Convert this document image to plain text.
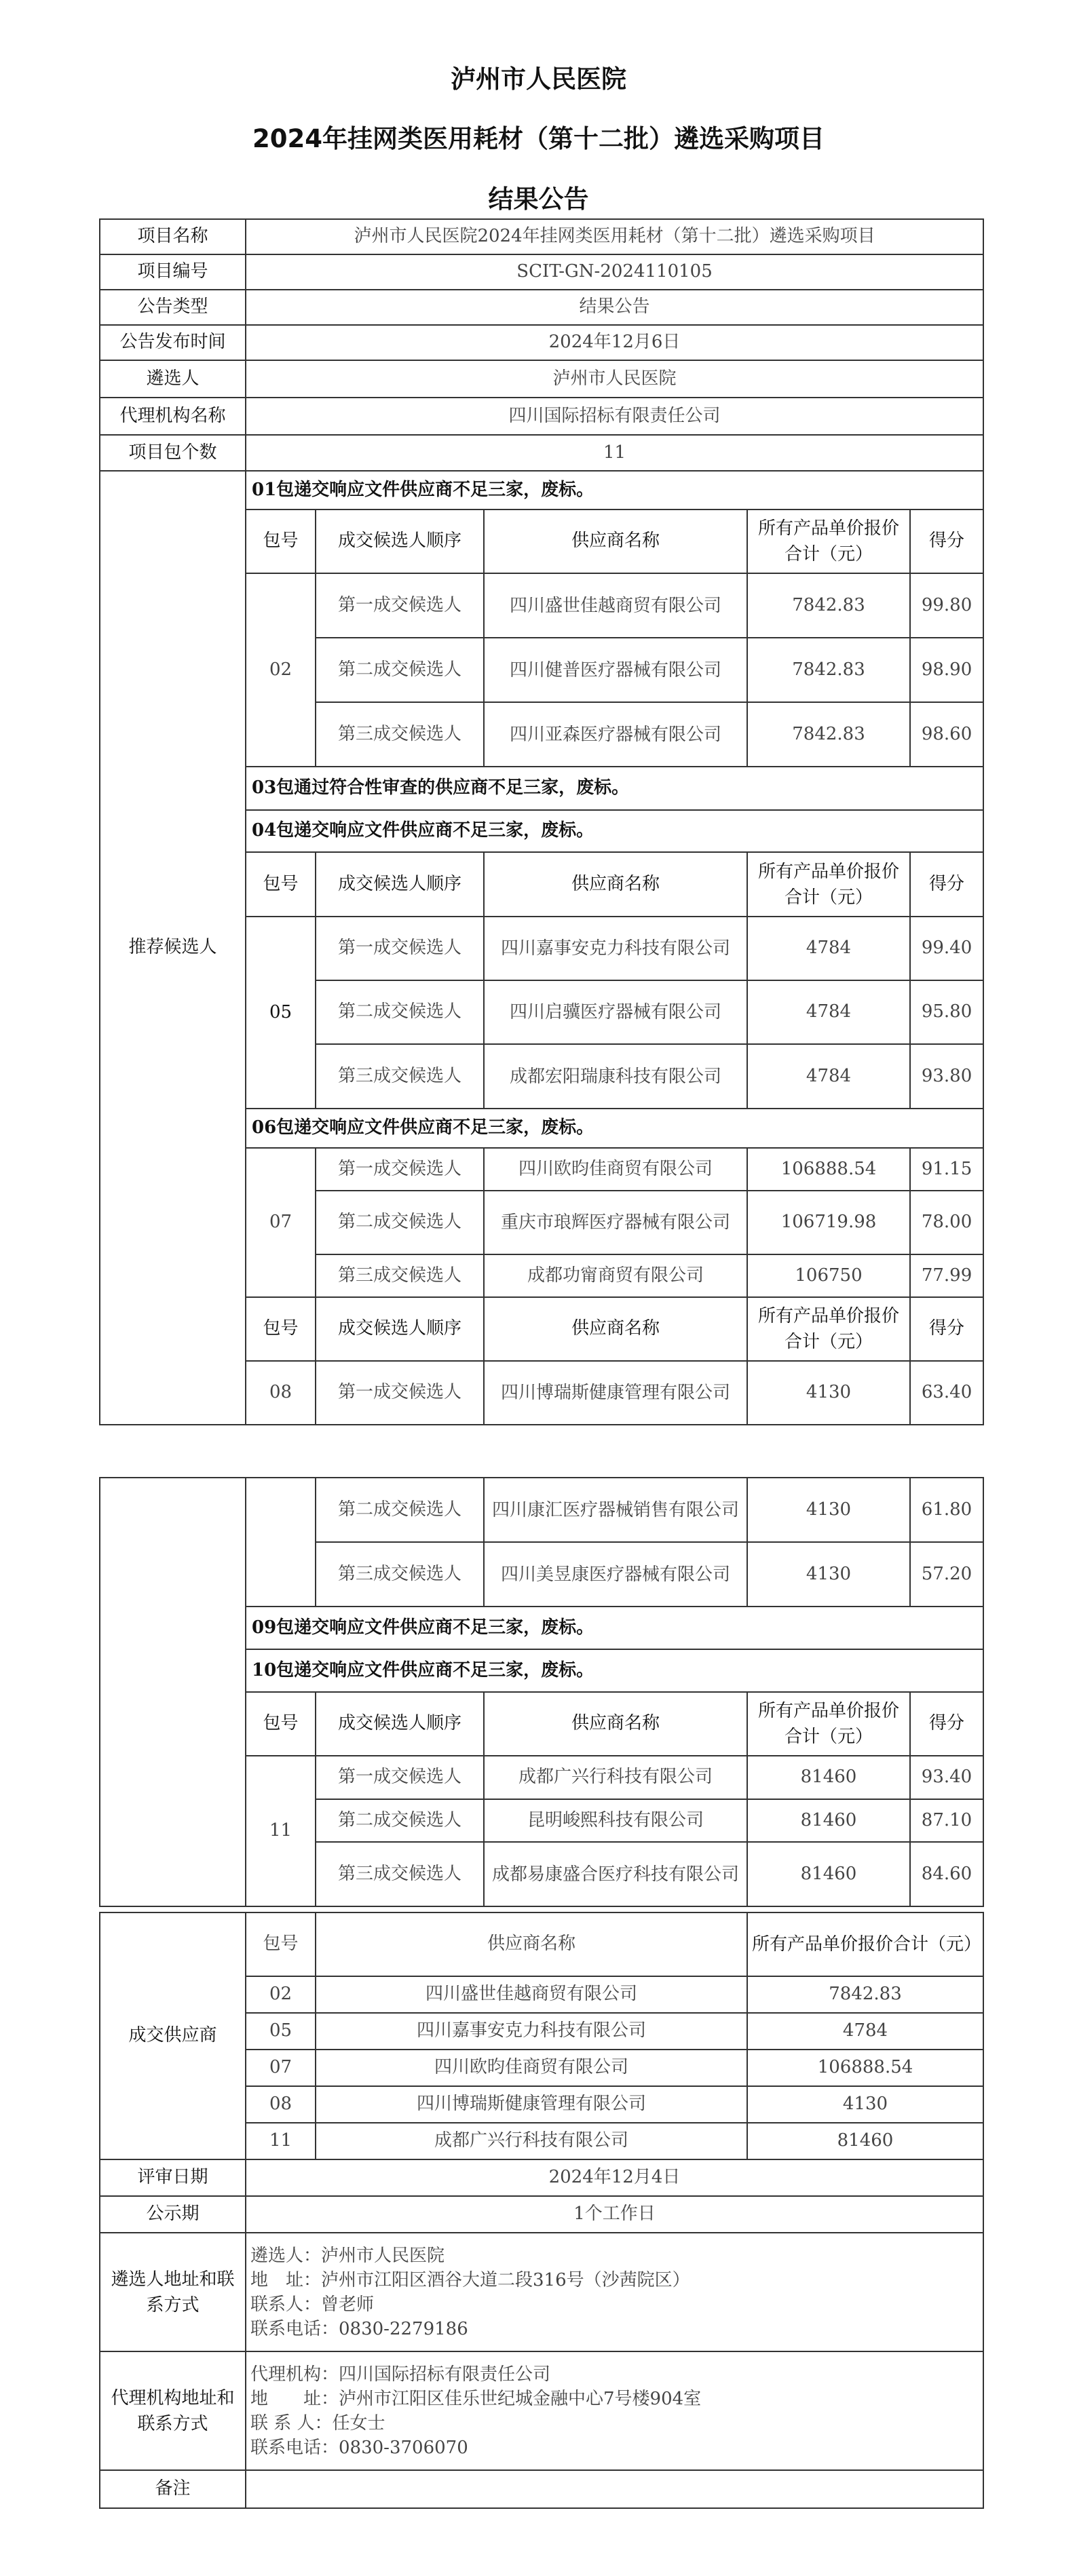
泸州市人民医院
2024年挂网类医用耗材（第十二批）遴选采购项目
结果公告
项目名称	泸州市人民医院2024年挂网类医用耗材（第十二批）遴选采购项目				
项目编号	SCIT-GN-2024110105				
公告类型	结果公告				
公告发布时间	2024年12月6日				
遴选人	泸州市人民医院				
代理机构名称	四川国际招标有限责任公司				
项目包个数	11				
推荐候选人	01包递交响应文件供应商不足三家，废标。				
	包号	成交候选人顺序	供应商名称	所有产品单价报价合计（元）	得分
	02	第一成交候选人	四川盛世佳越商贸有限公司	7842.83	99.80
		第二成交候选人	四川健普医疗器械有限公司	7842.83	98.90
		第三成交候选人	四川亚森医疗器械有限公司	7842.83	98.60
	03包通过符合性审查的供应商不足三家，废标。				
	04包递交响应文件供应商不足三家，废标。				
	包号	成交候选人顺序	供应商名称	所有产品单价报价合计（元）	得分
	05	第一成交候选人	四川嘉事安克力科技有限公司	4784	99.40
		第二成交候选人	四川启骥医疗器械有限公司	4784	95.80
		第三成交候选人	成都宏阳瑞康科技有限公司	4784	93.80
	06包递交响应文件供应商不足三家，废标。				
	07	第一成交候选人	四川欧昀佳商贸有限公司	106888.54	91.15
		第二成交候选人	重庆市琅辉医疗器械有限公司	106719.98	78.00
		第三成交候选人	成都功甯商贸有限公司	106750	77.99
	包号	成交候选人顺序	供应商名称	所有产品单价报价合计（元）	得分
	08	第一成交候选人	四川博瑞斯健康管理有限公司	4130	63.40
		第二成交候选人	四川康汇医疗器械销售有限公司	4130	61.80
		第三成交候选人	四川美昱康医疗器械有限公司	4130	57.20
	09包递交响应文件供应商不足三家，废标。				
	10包递交响应文件供应商不足三家，废标。				
	包号	成交候选人顺序	供应商名称	所有产品单价报价合计（元）	得分
	11	第一成交候选人	成都广兴行科技有限公司	81460	93.40
		第二成交候选人	昆明峻熙科技有限公司	81460	87.10
		第三成交候选人	成都易康盛合医疗科技有限公司	81460	84.60
成交供应商	包号	供应商名称	所有产品单价报价合计（元）
	02	四川盛世佳越商贸有限公司	7842.83
	05	四川嘉事安克力科技有限公司	4784
	07	四川欧昀佳商贸有限公司	106888.54
	08	四川博瑞斯健康管理有限公司	4130
	11	成都广兴行科技有限公司	81460
评审日期	2024年12月4日		
公示期	1个工作日		
遴选人地址和联系方式	遴选人：泸州市人民医院
地　址：泸州市江阳区酒谷大道二段316号（沙茜院区）
联系人：曾老师
联系电话：0830-2279186		

代理机构地址和联系方式	代理机构：四川国际招标有限责任公司
地　　址：泸州市江阳区佳乐世纪城金融中心7号楼904室
联 系 人：任女士
联系电话：0830-3706070		

备注			
